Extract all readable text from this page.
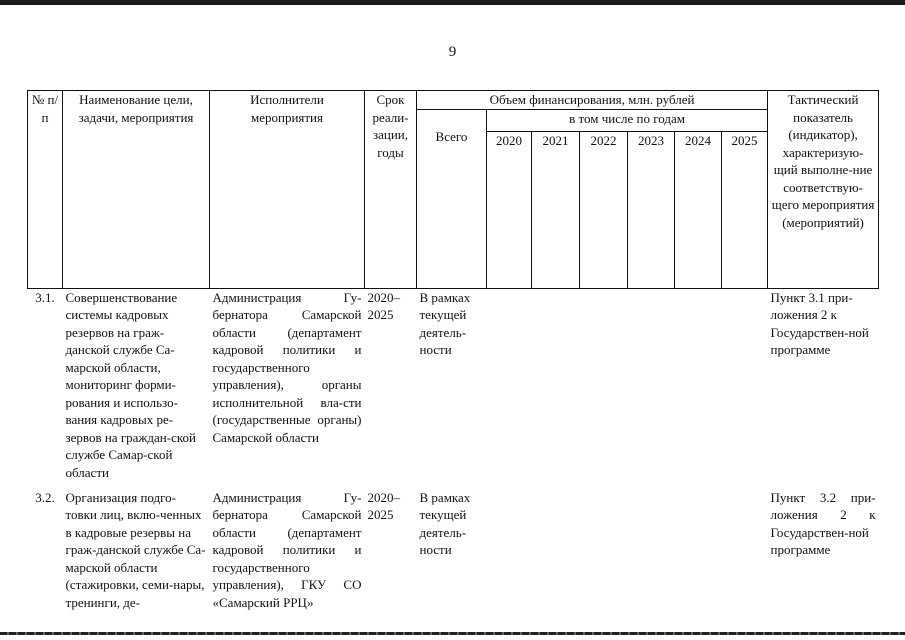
9
№ п/п	Наименование цели, задачи, мероприятия	Исполнители мероприятия	Срок реали-зации, годы	Объем финансирования, млн. рублей							Тактический показатель (индикатор), характеризую-щий выполне-ние соответствую-щего мероприятия (мероприятий)
				Всего	в том числе по годам						
					2020	2021	2022	2023	2024	2025	
3.1.	Совершенствование системы кадровых резервов на граж-данской службе Са-марской области, мониторинг форми-рования и использо-вания кадровых ре-зервов на граждан-ской службе Самар-ской области	Администрация Гу-бернатора Самарской области (департамент кадровой политики и государственного управления), органы исполнительной вла-сти (государственные органы) Самарской области	2020–2025	В рамках текущей деятель-ности							Пункт 3.1 при-ложения 2 к Государствен-ной программе
3.2.	Организация подго-товки лиц, вклю-ченных в кадровые резервы на граж-данской службе Са-марской области (стажировки, семи-нары, тренинги, де-	Администрация Гу-бернатора Самарской области (департамент кадровой политики и государственного управления), ГКУ СО «Самарский РРЦ»	2020–2025	В рамках текущей деятель-ности							Пункт 3.2 при-ложения 2 к Государствен-ной программе
